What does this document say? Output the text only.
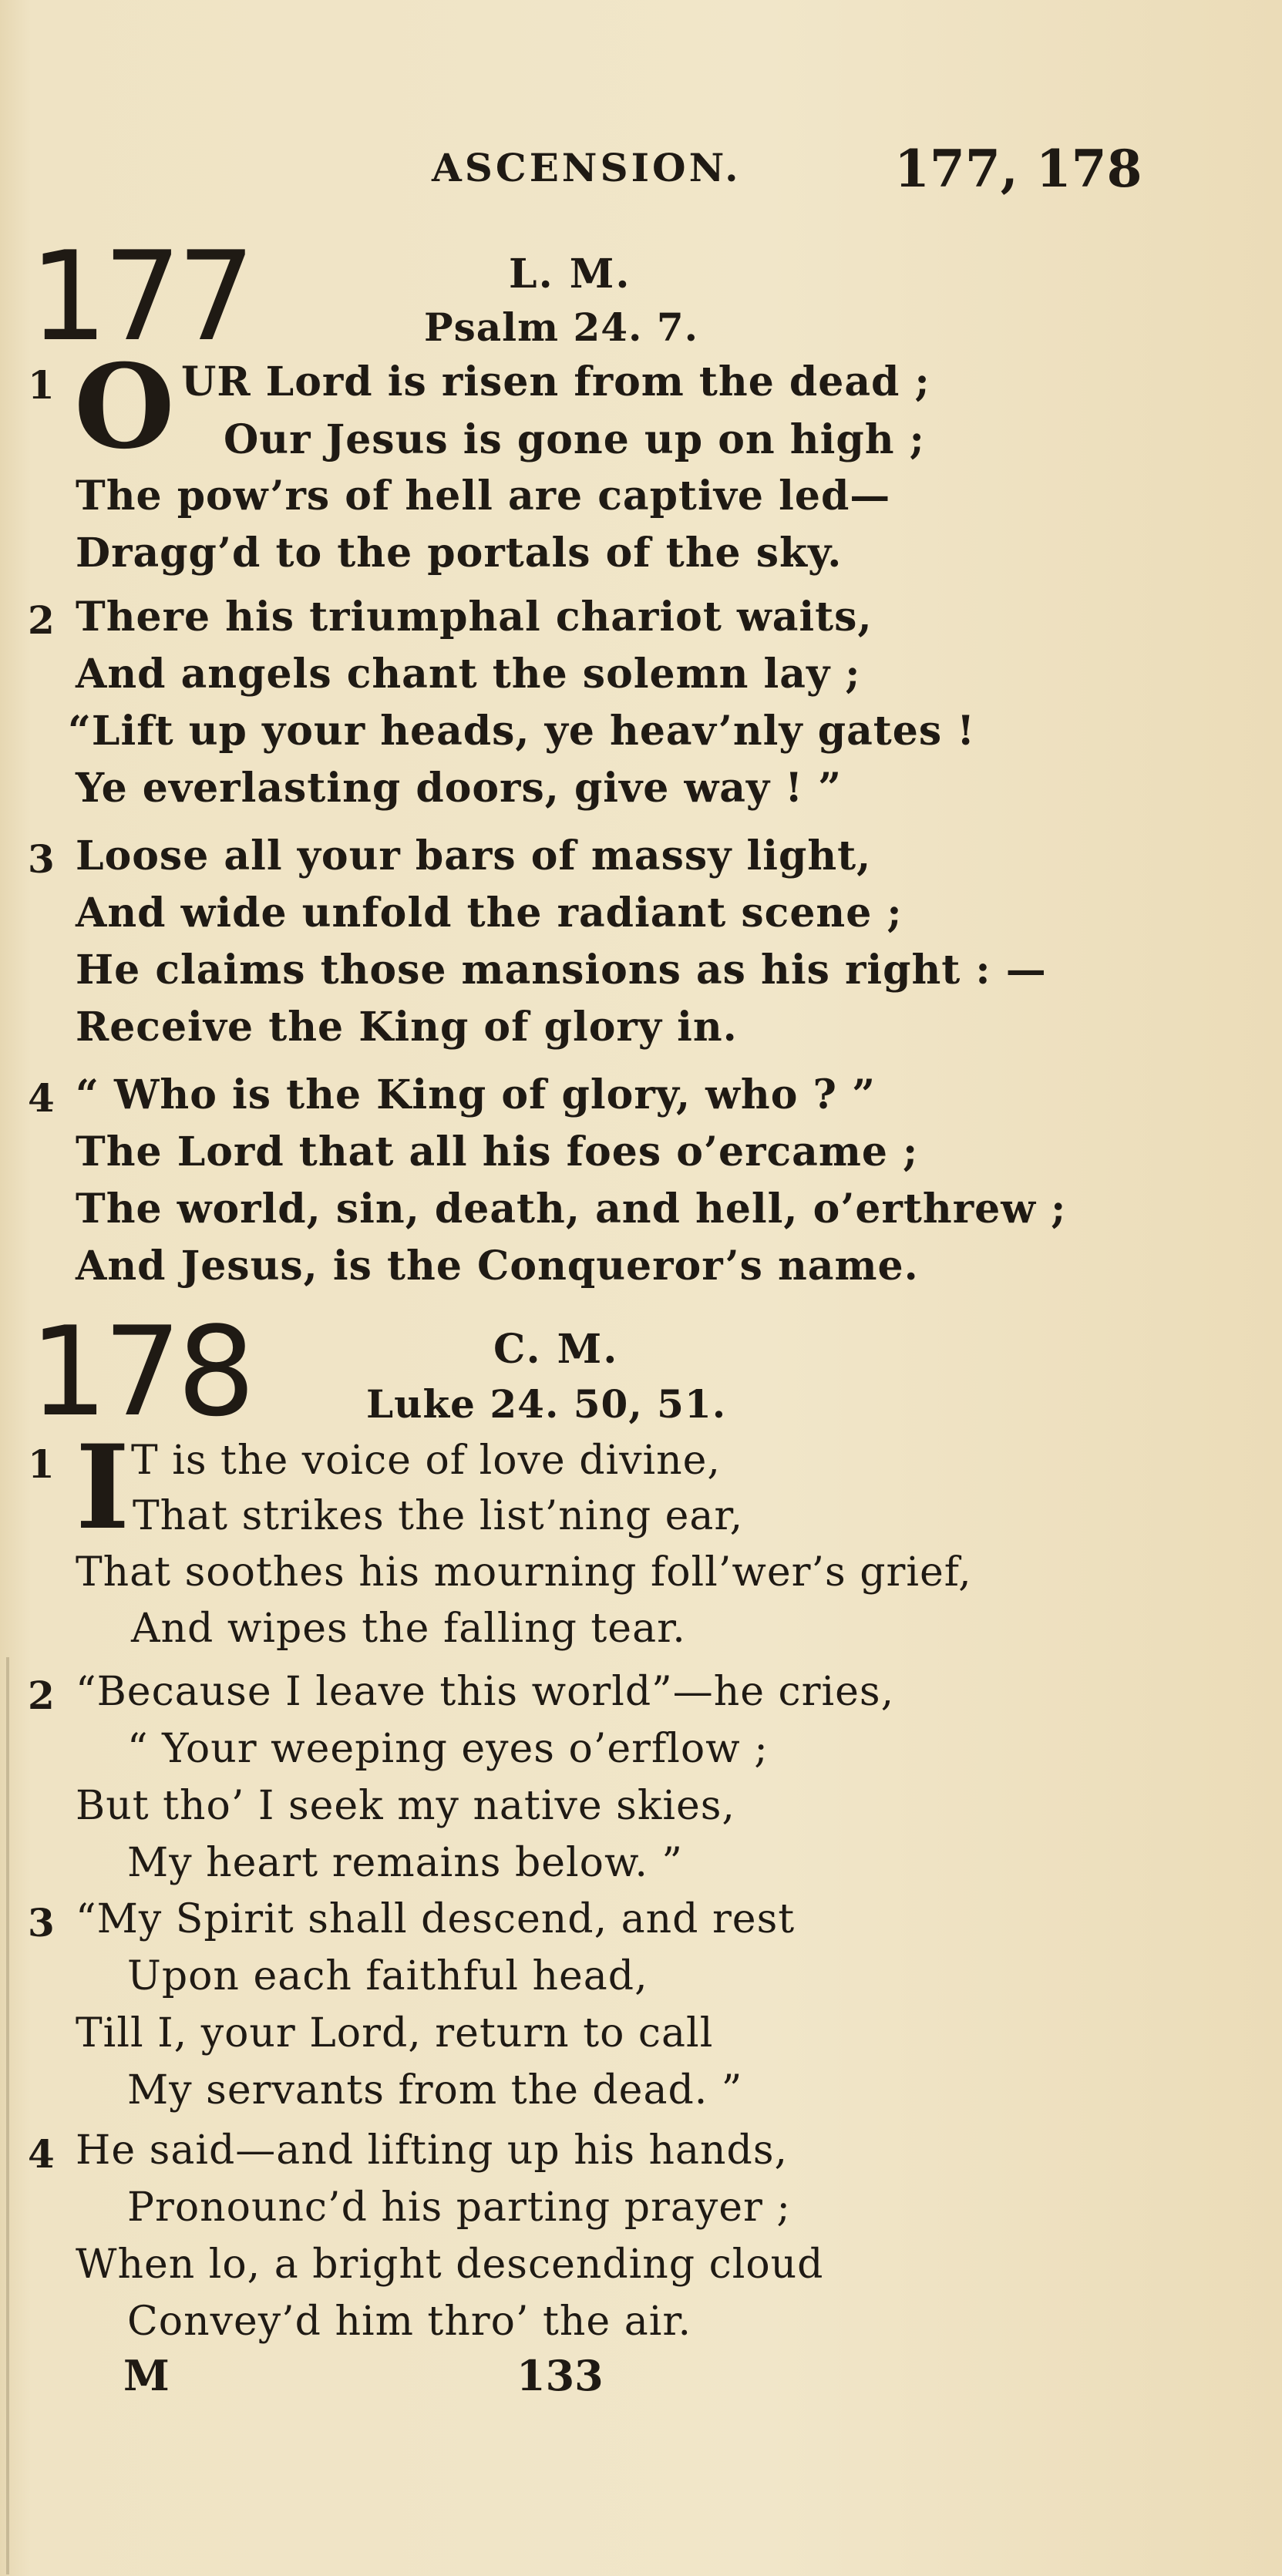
ASCENSION.	177, 178
177	L. M.
Psalm 24. 7.
1 O UR Lord is risen from the dead ;
Our Jesus is gone up on high ;
The pow’rs of hell are captive led—
Dragg’d to the portals of the sky.
2 There his triumphal chariot waits,
And angels chant the solemn lay ;
“Lift up your heads, ye heav’nly gates !
Ye everlasting doors, give way ! ”
3 Loose all your bars of massy light,
And wide unfold the radiant scene ;
He claims those mansions as his right : —
Receive the King of glory in.
4 “ Who is the King of glory, who ? ”
The Lord that all his foes o’ercame ;
The world, sin, death, and hell, o’erthrew ;
And Jesus, is the Conqueror’s name.
178	C. M.
Luke 24. 50, 51.
1 I T is the voice of love divine,
That strikes the list’ning ear,
That soothes his mourning foll’wer’s grief,
And wipes the falling tear.
2 “Because I leave this world”—he cries,
“ Your weeping eyes o’erflow ;
But tho’ I seek my native skies,
My heart remains below. ”
3 “My Spirit shall descend, and rest
Upon each faithful head,
Till I, your Lord, return to call
My servants from the dead. ”
4 He said—and lifting up his hands,
Pronounc’d his parting prayer ;
When lo, a bright descending cloud
Convey’d him thro’ the air.
M	133
